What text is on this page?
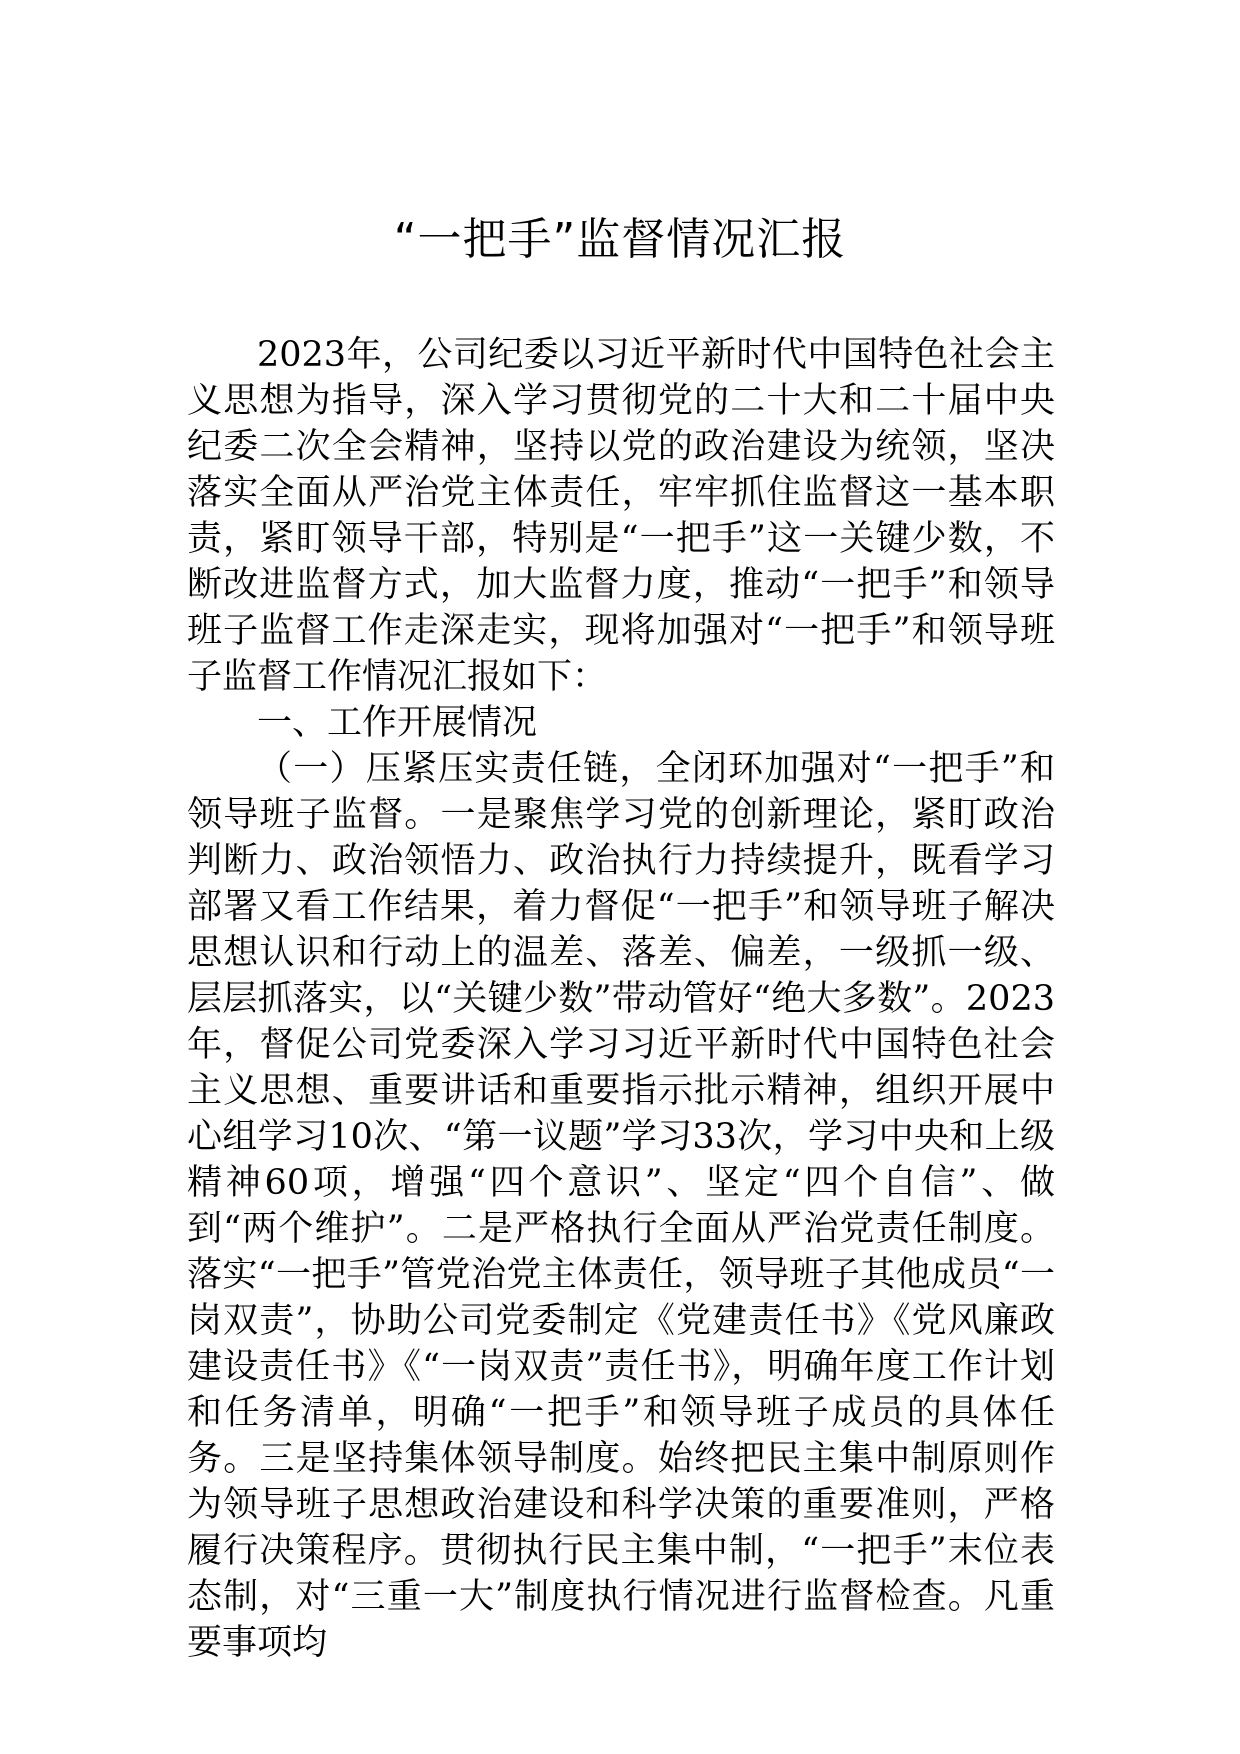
“一把手”监督情况汇报

2023年，公司纪委以习近平新时代中国特色社会主义思想为指导，深入学习贯彻党的二十大和二十届中央纪委二次全会精神，坚持以党的政治建设为统领，坚决落实全面从严治党主体责任，牢牢抓住监督这一基本职责，紧盯领导干部，特别是“一把手”这一关键少数，不断改进监督方式，加大监督力度，推动“一把手”和领导班子监督工作走深走实，现将加强对“一把手”和领导班子监督工作情况汇报如下：

一、工作开展情况

（一）压紧压实责任链，全闭环加强对“一把手”和领导班子监督。一是聚焦学习党的创新理论，紧盯政治判断力、政治领悟力、政治执行力持续提升，既看学习部署又看工作结果，着力督促“一把手”和领导班子解决思想认识和行动上的温差、落差、偏差，一级抓一级、层层抓落实，以“关键少数”带动管好“绝大多数”。2023年，督促公司党委深入学习习近平新时代中国特色社会主义思想、重要讲话和重要指示批示精神，组织开展中心组学习10次、“第一议题”学习33次，学习中央和上级精神60项，增强“四个意识”、坚定“四个自信”、做到“两个维护”。二是严格执行全面从严治党责任制度。落实“一把手”管党治党主体责任，领导班子其他成员“一岗双责”，协助公司党委制定《党建责任书》《党风廉政建设责任书》《“一岗双责”责任书》，明确年度工作计划和任务清单，明确“一把手”和领导班子成员的具体任务。三是坚持集体领导制度。始终把民主集中制原则作为领导班子思想政治建设和科学决策的重要准则，严格履行决策程序。贯彻执行民主集中制，“一把手”末位表态制，对“三重一大”制度执行情况进行监督检查。凡重要事项均
